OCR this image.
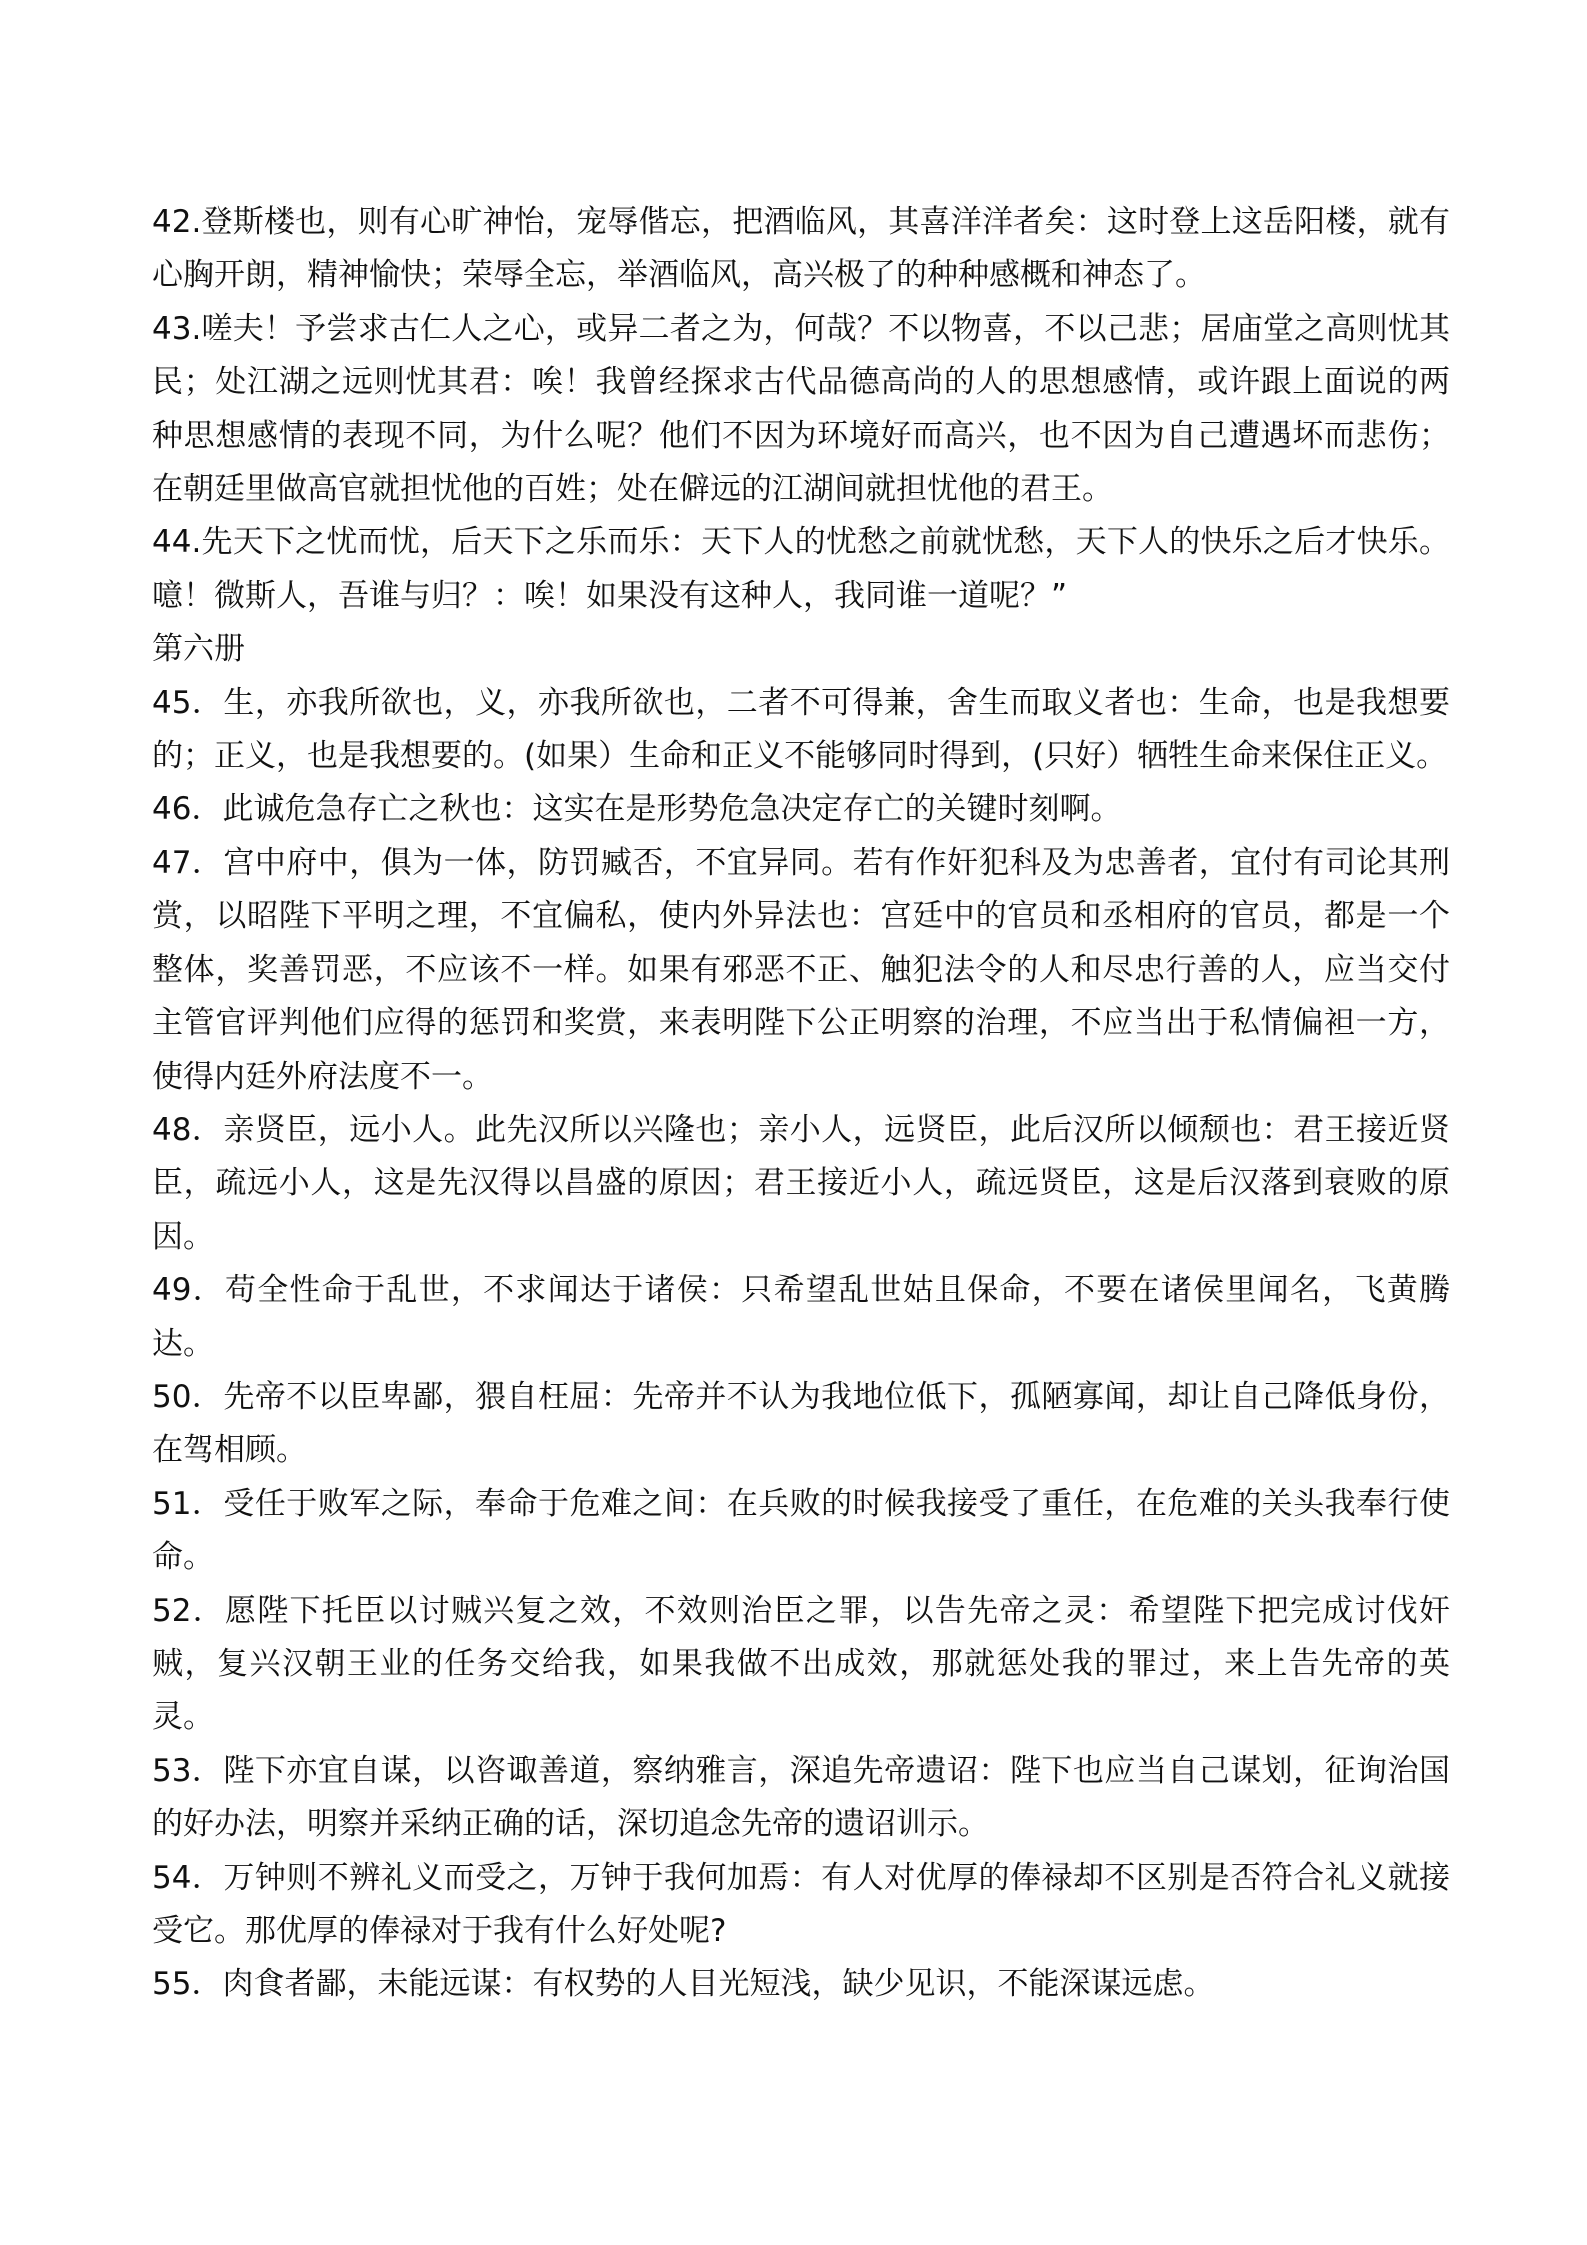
42.登斯楼也，则有心旷神怡，宠辱偕忘，把酒临风，其喜洋洋者矣：这时登上这岳阳楼，就有心胸开朗，精神愉快；荣辱全忘，举酒临风，高兴极了的种种感概和神态了。

43.嗟夫！予尝求古仁人之心，或异二者之为，何哉？不以物喜，不以己悲；居庙堂之高则忧其民；处江湖之远则忧其君：唉！我曾经探求古代品德高尚的人的思想感情，或许跟上面说的两种思想感情的表现不同，为什么呢？他们不因为环境好而高兴，也不因为自己遭遇坏而悲伤；在朝廷里做高官就担忧他的百姓；处在僻远的江湖间就担忧他的君王。

44.先天下之忧而忧，后天下之乐而乐：天下人的忧愁之前就忧愁，天下人的快乐之后才快乐。噫！微斯人，吾谁与归？：唉！如果没有这种人，我同谁一道呢？”

第六册

45．生，亦我所欲也，义，亦我所欲也，二者不可得兼，舍生而取义者也：生命，也是我想要的；正义，也是我想要的。(如果）生命和正义不能够同时得到，(只好）牺牲生命来保住正义。

46．此诚危急存亡之秋也：这实在是形势危急决定存亡的关键时刻啊。

47．宫中府中，俱为一体，防罚臧否，不宜异同。若有作奸犯科及为忠善者，宜付有司论其刑赏，以昭陛下平明之理，不宜偏私，使内外异法也：宫廷中的官员和丞相府的官员，都是一个整体，奖善罚恶，不应该不一样。如果有邪恶不正、触犯法令的人和尽忠行善的人，应当交付主管官评判他们应得的惩罚和奖赏，来表明陛下公正明察的治理，不应当出于私情偏袒一方，使得内廷外府法度不一。

48．亲贤臣，远小人。此先汉所以兴隆也；亲小人，远贤臣，此后汉所以倾颓也：君王接近贤臣，疏远小人，这是先汉得以昌盛的原因；君王接近小人，疏远贤臣，这是后汉落到衰败的原因。

49．苟全性命于乱世，不求闻达于诸侯：只希望乱世姑且保命，不要在诸侯里闻名，飞黄腾达。

50．先帝不以臣卑鄙，猥自枉屈：先帝并不认为我地位低下，孤陋寡闻，却让自己降低身份，在驾相顾。

51．受任于败军之际，奉命于危难之间：在兵败的时候我接受了重任，在危难的关头我奉行使命。

52．愿陛下托臣以讨贼兴复之效，不效则治臣之罪，以告先帝之灵：希望陛下把完成讨伐奸贼，复兴汉朝王业的任务交给我，如果我做不出成效，那就惩处我的罪过，来上告先帝的英灵。

53．陛下亦宜自谋，以咨诹善道，察纳雅言，深追先帝遗诏：陛下也应当自己谋划，征询治国的好办法，明察并采纳正确的话，深切追念先帝的遗诏训示。

54．万钟则不辨礼义而受之，万钟于我何加焉：有人对优厚的俸禄却不区别是否符合礼义就接受它。那优厚的俸禄对于我有什么好处呢?

55．肉食者鄙，未能远谋：有权势的人目光短浅，缺少见识，不能深谋远虑。
